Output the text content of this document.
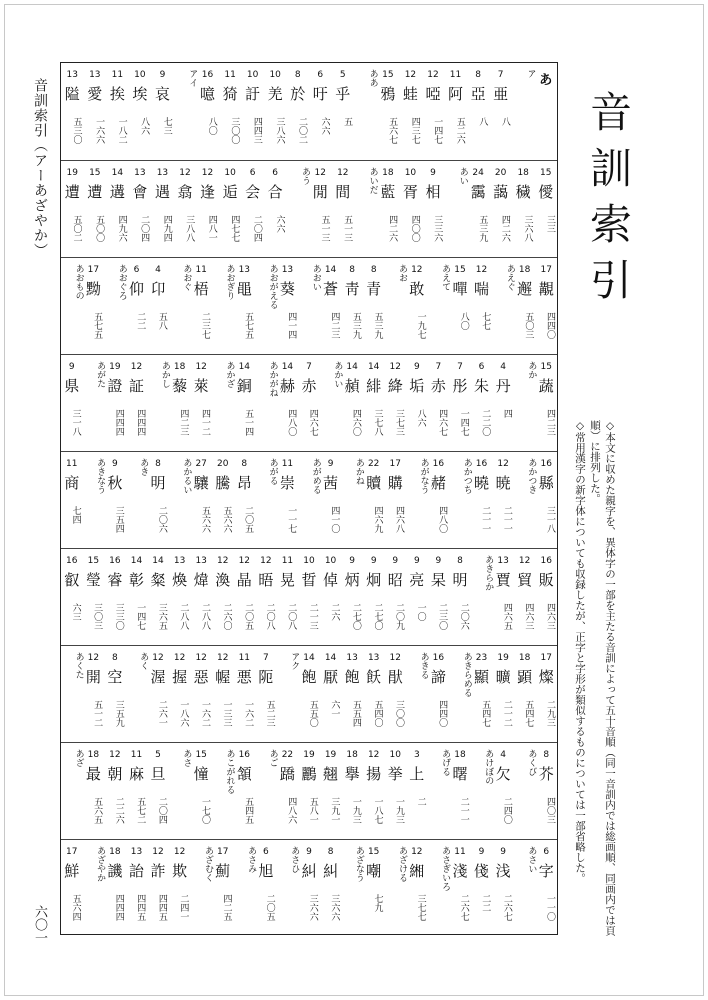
音訓索引（アーあざやか）
六〇一
あ
ア
7
亜
八
8
亞
八
11
阿
五二六
12
啞
一四七
12
蛙
四三七
15
鴉
五六七
ああ
5
乎
五
6
吁
六六
8
於
二〇二
10
羌
三八六
10
訏
四四三
11
猗
三〇〇
16
噫
八〇
アイ
9
哀
七三
10
埃
八六
11
挨
一八二
13
愛
一六六
13
隘
五三〇
15
僾
三三
18
穢
三六八
20
藹
四二六
24
靄
五三九
あい
9
相
三三六
10
胥
四〇〇
18
藍
四二六
あいだ
12
間
五一三
12
閒
五一三
あう
6
合
六六
6
会
二〇四
10
逅
四七七
12
逢
四八一
12
翕
三八八
13
遇
四九四
13
會
二〇四
14
遘
四九六
15
遭
五〇〇
19
遭
五〇二
17
覯
四四〇
18
邂
五〇三
あえぐ
12
喘
七七
15
嘽
八〇
あえて
12
敢
一九七
あお
8
青
五三九
8
靑
五三九
14
蒼
四二三
あおい
13
葵
四一四
あおがえる
13
黽
五七五
あおぎり
11
梧
二三七
あおぐ
4
卬
五八
6
仰
二二
あおぐろ
17
黝
五七五
あおもの
15
蔬
四二三
あか
4
丹
四
6
朱
二二〇
7
彤
一四七
7
赤
四六七
9
垢
八六
12
絳
三七三
14
緋
三七八
14
赬
四六〇
あかい
7
赤
四六七
14
赫
四八〇
あかがね
14
銅
五一四
あかざ
12
萊
四一二
18
藜
四二三
あかし
12
証
四四四
19
證
四四四
あがた
9
県
三一八
16
縣
三一八
あかつき
12
暁
二一一
16
曉
二一一
あかつち
16
赭
四八〇
あがなう
17
購
四六八
22
贖
四六九
あかね
9
茜
四一〇
あがめる
11
崇
一一七
あがる
8
昂
二〇五
20
騰
五六六
27
驤
五六六
あかるい
8
明
二〇六
あき
9
秋
三五四
あきなう
11
商
七四
16
販
四六三
12
貿
四六三
13
賈
四六五
あきらか
8
明
二〇六
9
杲
二三〇
9
亮
一〇
9
昭
二〇九
9
炯
二七〇
9
炳
二七〇
10
倬
二六
10
晢
二一三
11
晃
二〇八
12
晤
二〇八
12
晶
二〇五
12
渙
二六〇
13
煒
二八八
13
煥
二八八
14
粲
三六五
14
彰
一四七
16
睿
三三〇
15
瑩
三〇三
16
叡
六三
17
燦
二九三
18
顕
五四七
19
曠
二一二
23
顯
五四七
あきらめる
16
諦
四四〇
あきる
12
猒
三〇〇
13
飫
五四〇
13
飽
五五四
14
厭
六一
14
飽
五五〇
アク
7
阨
五二三
11
悪
一六二
12
幄
一三三
12
惡
一六二
12
握
一八六
12
渥
二六一
あく
8
空
三五九
12
開
五一二
あくた
8
芥
四〇三
あくび
4
欠
二四〇
あけぼの
18
曙
二一一
あげる
3
上
二
10
挙
一九三
12
揚
一八七
18
擧
一九三
19
翹
三九一
19
鸝
五八一
22
蹻
四八六
あご
16
頷
五四五
あこがれる
15
憧
一七〇
あさ
5
旦
二〇四
11
麻
五七二
12
朝
二二六
18
最
五六五
あざ
6
字
一一〇
あさい
9
浅
二六七
9
俴
二二
11
淺
二六七
あさぎいろ
12
緗
三七七
あざける
15
嘲
七九
あざなう
8
糾
三六六
9
糾
三六六
あさひ
6
旭
二〇五
あさみ
17
薊
四二五
あざむく
12
欺
二四一
12
詐
四四五
13
詒
四四五
18
譏
四四四
あざやか
17
鮮
五六四
音訓索引

◇本文に収めた親字を、異体字の一部を主たる音訓によって五十音順（同一音訓内では総画順、同画内では頁順）に排列した。

◇常用漢字の新字体についても収録したが、正字と字形が類似するものについては一部省略した。
